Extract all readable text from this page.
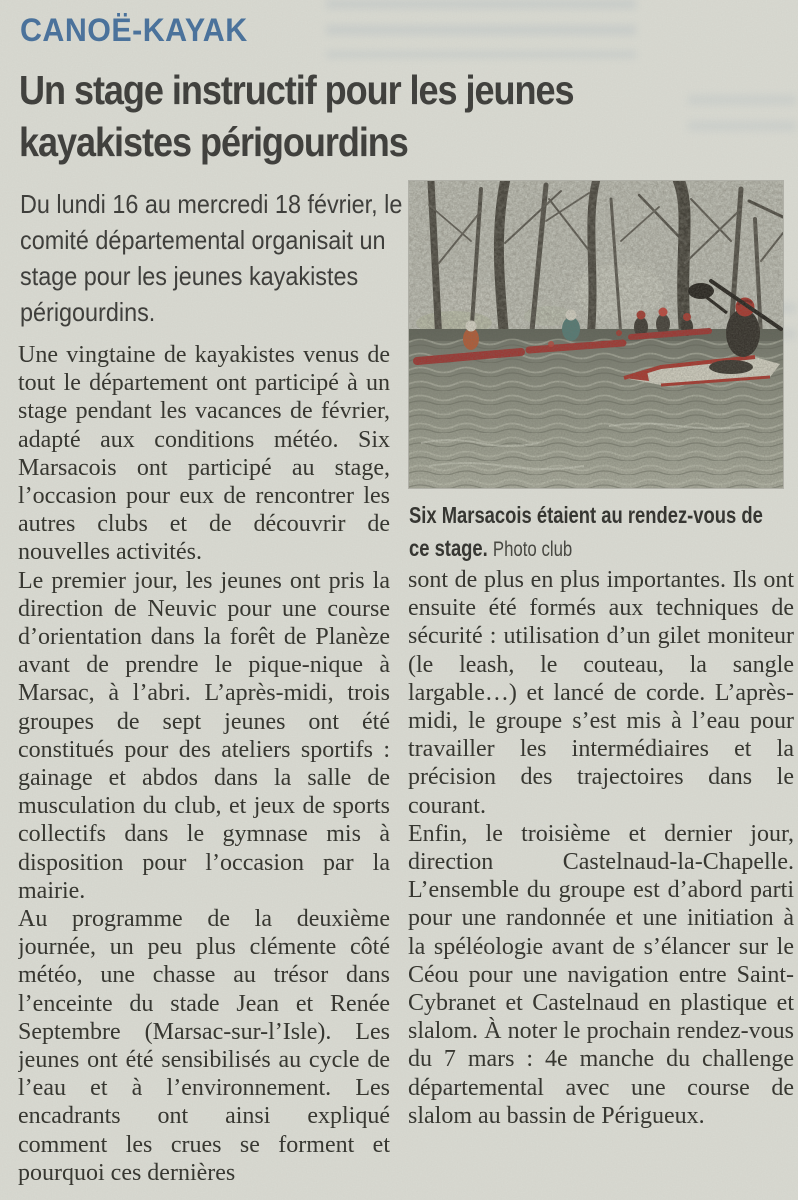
CANOË-KAYAK
Un stage instructif pour les jeunes kayakistes périgourdins
Du lundi 16 au mercredi 18 février, le comité départemental organisait un stage pour les jeunes kayakistes périgourdins.

Une vingtaine de kayakistes venus de tout le département ont participé à un stage pendant les vacances de février, adapté aux conditions météo. Six Marsacois ont participé au stage, l’occasion pour eux de rencontrer les autres clubs et de découvrir de nouvelles activités.

Le premier jour, les jeunes ont pris la direction de Neuvic pour une course d’orientation dans la forêt de Planèze avant de prendre le pique-nique à Marsac, à l’abri. L’après-midi, trois groupes de sept jeunes ont été constitués pour des ateliers sportifs : gainage et abdos dans la salle de musculation du club, et jeux de sports collectifs dans le gymnase mis à disposition pour l’occasion par la mairie.

Au programme de la deuxième journée, un peu plus clémente côté météo, une chasse au trésor dans l’enceinte du stade Jean et Renée Septembre (Marsac-sur-l’Isle). Les jeunes ont été sensibilisés au cycle de l’eau et à l’environnement. Les encadrants ont ainsi expliqué comment les crues se forment et pourquoi ces dernières

Six Marsacois étaient au rendez-vous de ce stage. Photo club

sont de plus en plus importantes. Ils ont ensuite été formés aux techniques de sécurité : utilisation d’un gilet moniteur (le leash, le couteau, la sangle largable…) et lancé de corde. L’après-midi, le groupe s’est mis à l’eau pour travailler les intermédiaires et la précision des trajectoires dans le courant.

Enfin, le troisième et dernier jour, direction Castelnaud-la-Chapelle. L’ensemble du groupe est d’abord parti pour une randonnée et une initiation à la spéléologie avant de s’élancer sur le Céou pour une navigation entre Saint-Cybranet et Castelnaud en plastique et slalom. À noter le prochain rendez-vous du 7 mars : 4e manche du challenge départemental avec une course de slalom au bassin de Périgueux.
